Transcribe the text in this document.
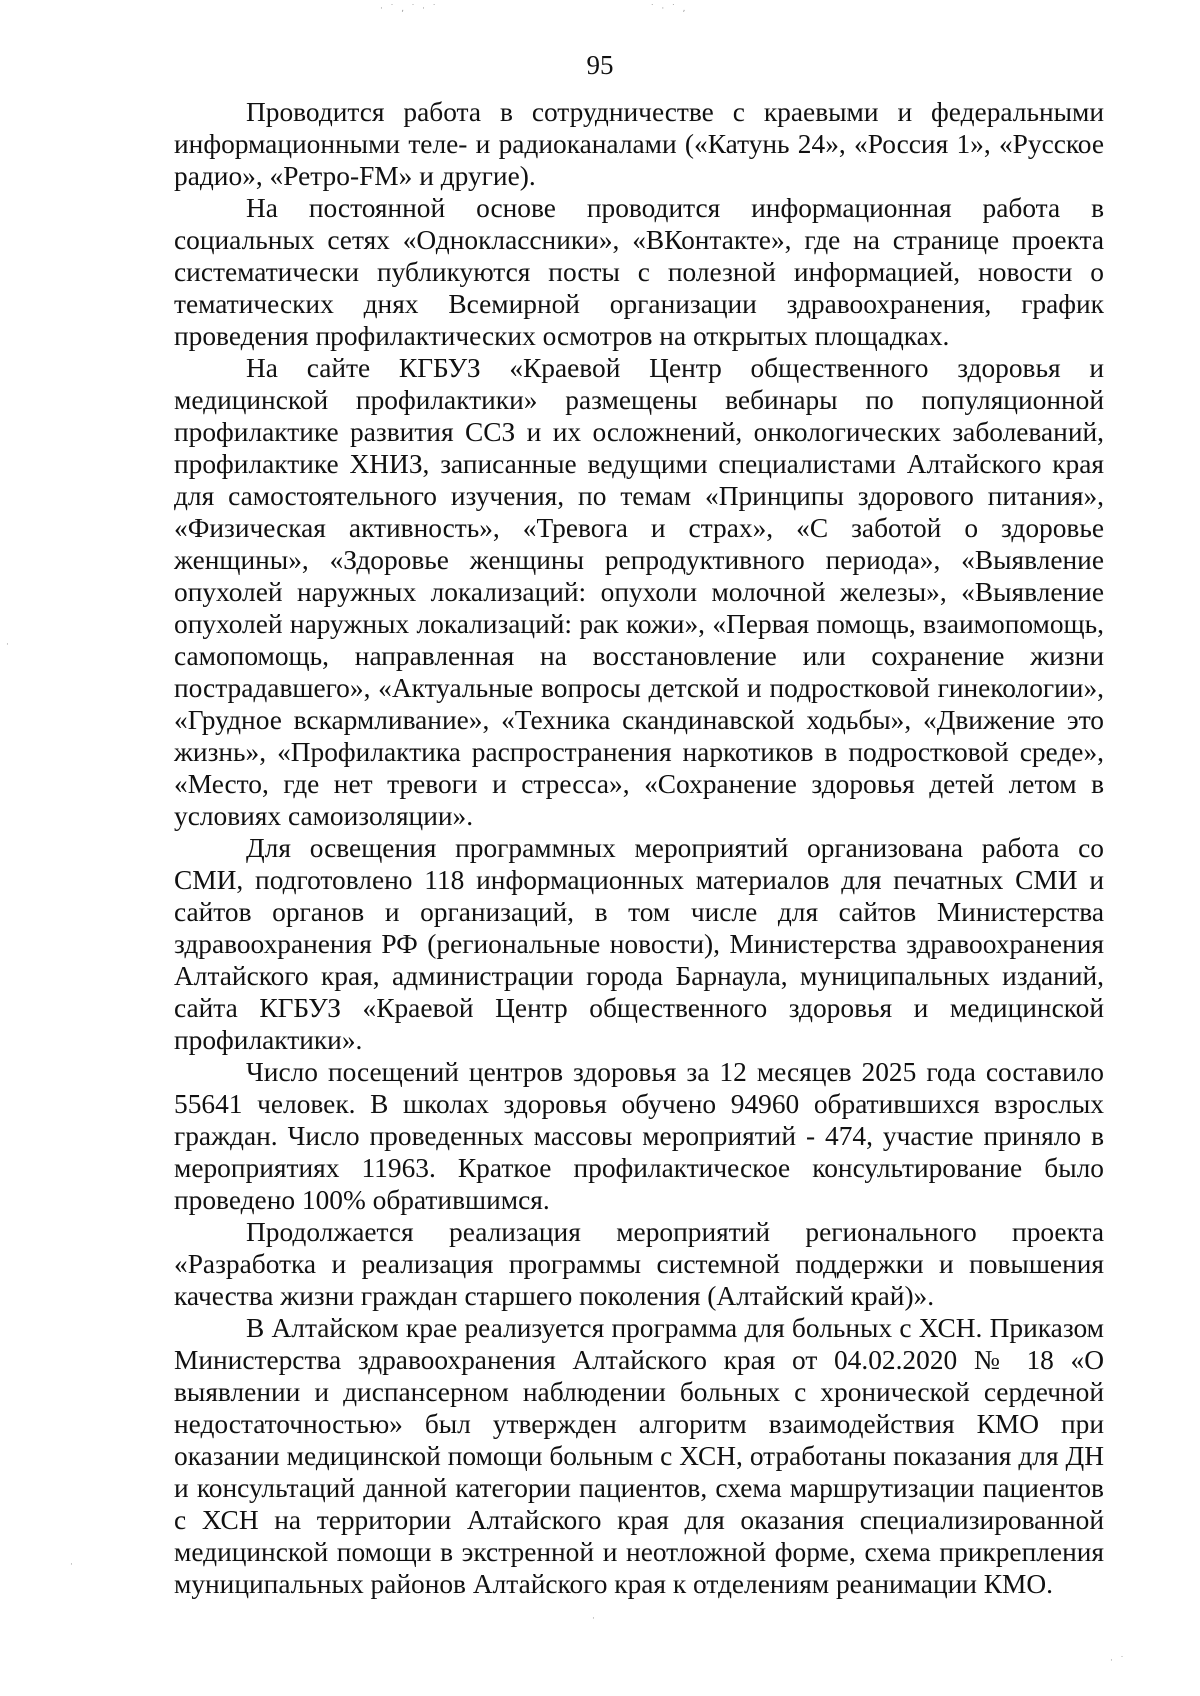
· ˙ ‚ ˙ · ˙	˙ · ˙ ‚
·
·
·
· ˙
95

Проводится работа в сотрудничестве с краевыми и федеральными информационными теле- и радиоканалами («Катунь 24», «Россия 1», «Русское радио», «Ретро-FM» и другие).

На постоянной основе проводится информационная работа в социальных сетях «Одноклассники», «ВКонтакте», где на странице проекта систематически публикуются посты с полезной информацией, новости о тематических днях Всемирной организации здравоохранения, график проведения профилактических осмотров на открытых площадках.

На сайте КГБУЗ «Краевой Центр общественного здоровья и медицинской профилактики» размещены вебинары по популяционной профилактике развития ССЗ и их осложнений, онкологических заболеваний, профилактике ХНИЗ, записанные ведущими специалистами Алтайского края для самостоятельного изучения, по темам «Принципы здорового питания», «Физическая активность», «Тревога и страх», «С заботой о здоровье женщины», «Здоровье женщины репродуктивного периода», «Выявление опухолей наружных локализаций: опухоли молочной железы», «Выявление опухолей наружных локализаций: рак кожи», «Первая помощь, взаимопомощь, самопомощь, направленная на восстановление или сохранение жизни пострадавшего», «Актуальные вопросы детской и подростковой гинекологии», «Грудное вскармливание», «Техника скандинавской ходьбы», «Движение это жизнь», «Профилактика распространения наркотиков в подростковой среде», «Место, где нет тревоги и стресса», «Сохранение здоровья детей летом в условиях самоизоляции».

Для освещения программных мероприятий организована работа со СМИ, подготовлено 118 информационных материалов для печатных СМИ и сайтов органов и организаций, в том числе для сайтов Министерства здравоохранения РФ (региональные новости), Министерства здравоохранения Алтайского края, администрации города Барнаула, муниципальных изданий, сайта КГБУЗ «Краевой Центр общественного здоровья и медицинской профилактики».

Число посещений центров здоровья за 12 месяцев 2025 года составило 55641 человек. В школах здоровья обучено 94960 обратившихся взрослых граждан. Число проведенных массовы мероприятий - 474, участие приняло в мероприятиях 11963. Краткое профилактическое консультирование было проведено 100% обратившимся.

Продолжается реализация мероприятий регионального проекта «Разработка и реализация программы системной поддержки и повышения качества жизни граждан старшего поколения (Алтайский край)».

В Алтайском крае реализуется программа для больных с ХСН. Приказом Министерства здравоохранения Алтайского края от 04.02.2020 № 18 «О выявлении и диспансерном наблюдении больных с хронической сердечной недостаточностью» был утвержден алгоритм взаимодействия КМО при оказании медицинской помощи больным с ХСН, отработаны показания для ДН и консультаций данной категории пациентов, схема маршрутизации пациентов с ХСН на территории Алтайского края для оказания специализированной медицинской помощи в экстренной и неотложной форме, схема прикрепления муниципальных районов Алтайского края к отделениям реанимации КМО.
